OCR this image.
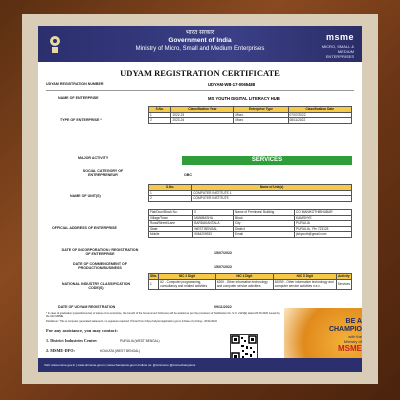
भारत सरकार
Government of India
Ministry of Micro, Small and Medium Enterprises
msme
MICRO, SMALL & MEDIUM ENTERPRISES
UDYAM REGISTRATION CERTIFICATE
UDYAM REGISTRATION NUMBER	UDYAM-WB-17-0065488
NAME OF ENTERPRISE	MS YOUTH DIGITAL LITERACY HUB
TYPE OF ENTERPRISE *
S.No.	Classification Year	Enterprise Type	Classification Date
1	2022-23	Micro	07/07/2022
2	2023-24	Micro	08/11/2022
MAJOR ACTIVITY	SERVICES
SOCIAL CATEGORY OF ENTREPRENEUR	OBC
NAME OF UNIT(S)
S.No.	Name of Unit(s)
1	COMPUTER INSTITUTE 1
2	COMPUTER INSTITUTE
OFFICIAL ADDRESS OF ENTERPRISE
Flat/Door/Block No.	0	Name of Premises/ Building	CO MANIKOTHIBHABAR
Village/Town	MANIBASHA	Block	KAMSHYE
Road/Street/Lane	BARDAKANTALA	City	PURULIA
State	WEST BENGAL	District	PURULIA , Pin 723125
Mobile	9064209933	Email	jishyouth@gmail.com
DATE OF INCORPORATION / REGISTRATION OF ENTERPRISE	15/07/2022
DATE OF COMMENCEMENT OF PRODUCTION/BUSINESS	15/07/2022
NATIONAL INDUSTRY CLASSIFICATION CODE(S)
SNo.	NIC 2 Digit	NIC 4 Digit	NIC 5 Digit	Activity
1	62 - Computer programming, consultancy and related activities	6209 - Other information technology and computer service activities	62099 - Other information technology and computer service activities n.e.c.	Services
DATE OF UDYAM REGISTRATION	09/11/2022
* In case of graduation (upward/reverse) of status of an enterprise, the benefit of the Government Schemes will be availed as per the provisions of Notification No. S.O. 2119(E) dated 26.06.2020 issued by the M/o MSME.
Disclaimer: This is computer generated statement, no signature required. Printed from https://udyamregistration.gov.in & Date of printing:- 20/11/2022
For any assistance, you may contact:
1. District Industries Centre:	PURULIA (WEST BENGAL)
2. MSME-DFO:	KOLKATA (WEST BENGAL)
BE A
CHAMPIO
with the
Ministry of
MSME
Visit: www.msme.gov.in | www.dcmsme.gov.in | www.champions.gov.in Follow us: @minmsme @msmechampions
